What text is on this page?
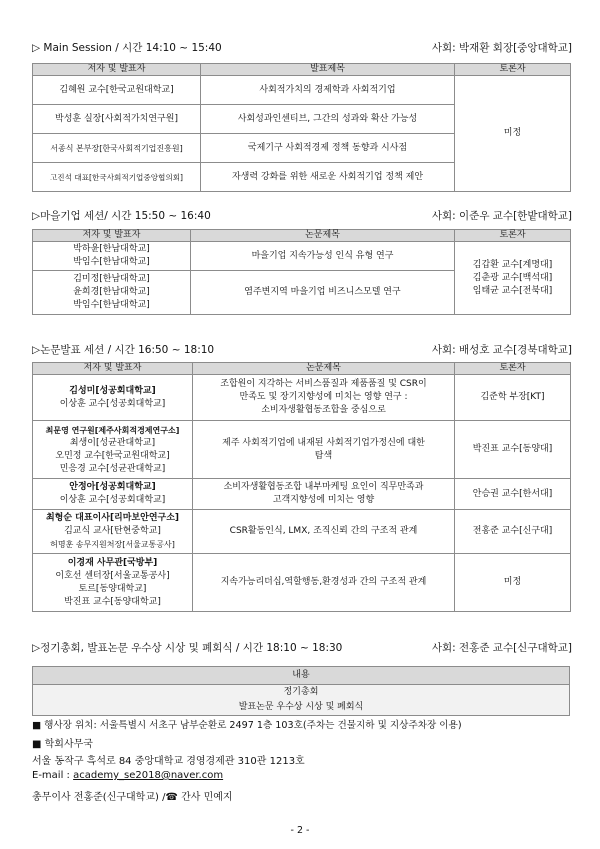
▷ Main Session / 시간 14:10 ~ 15:40	사회: 박재환 회장[중앙대학교]
저자 및 발표자	발표제목	토론자

김혜원 교수[한국교원대학교]	사회적가치의 경제학과 사회적기업	미정

박성훈 실장[사회적가치연구원]	사회성과인센티브, 그간의 성과와 확산 가능성	

서종식 본부장[한국사회적기업진흥원]	국제기구 사회적경제 정책 동향과 시사점	

고진석 대표[한국사회적기업중앙협의회]	자생력 강화를 위한 새로운 사회적기업 정책 제안	
▷마을기업 세션/ 시간 15:50 ~ 16:40	사회: 이준우 교수[한밭대학교]
저자 및 발표자	논문제목	토론자

박하윤[한남대학교]
박임수[한남대학교]	마을기업 지속가능성 인식 유형 연구	김갑환 교수[계명대]
김춘광 교수[백석대]
임태균 교수[전북대]

김미정[한남대학교]
윤희경[한남대학교]
박임수[한남대학교]	염주변지역 마을기업 비즈니스모델 연구	
▷논문발표 세션 / 시간 16:50 ~ 18:10	사회: 배성호 교수[경북대학교]
저자 및 발표자	논문제목	토론자

김성미[성공회대학교]
이상훈 교수[성공회대학교]	조합원이 지각하는 서비스품질과 제품품질 및 CSR이
만족도 및 장기지향성에 미치는 영향 연구 :
소비자생활협동조합을 중심으로	김준학 부장[KT]

최문영 연구원[제주사회적경제연구소]
최생이[성균관대학교]
오민정 교수[한국교원대학교]
민응경 교수[성균관대학교]	제주 사회적기업에 내재된 사회적기업가정신에 대한
탐색	박진표 교수[동양대]

안정아[성공회대학교]
이상훈 교수[성공회대학교]	소비자생활협동조합 내부마케팅 요인이 직무만족과
고객지향성에 미치는 영향	안승권 교수[한서대]

최형순 대표이사[리마보안연구소]
김교식 교사[탄현중학교]
허명훈 송무지원처장[서울교통공사]	CSR활동인식, LMX, 조직신뢰 간의 구조적 관계	전홍준 교수[신구대]

이경재 사무관[국방부]
이호선 센터장[서울교통공사]
토르[동양대학교]
박진표 교수[동양대학교]	지속가능리더십,역할행동,환경성과 간의 구조적 관계	미정
▷정기총회, 발표논문 우수상 시상 및 폐회식 / 시간 18:10 ~ 18:30	사회: 전홍준 교수[신구대학교]
내용
정기총회
발표논문 우수상 시상 및 폐회식
■ 행사장 위치: 서울특별시 서초구 남부순환로 2497 1층 103호(주차는 건물지하 및 지상주차장 이용)
■ 학회사무국
서울 동작구 흑석로 84 중앙대학교 경영경제관 310관 1213호
E-mail : academy_se2018@naver.com
총무이사 전홍준(신구대학교) /☎ 간사 민예지
- 2 -
